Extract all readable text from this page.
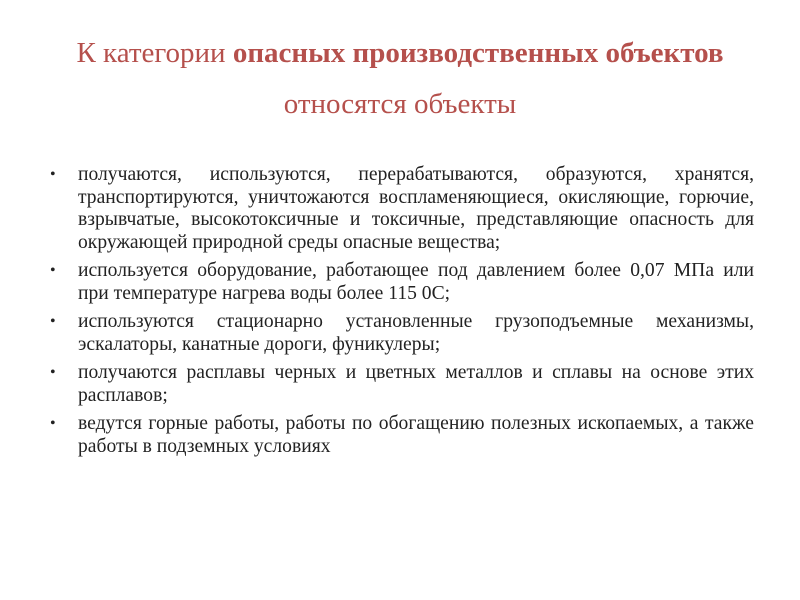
К категории опасных производственных объектов относятся объекты
• получаются, используются, перерабатываются, образуются, хранятся, транспортируются, уничтожаются воспламеняющиеся, окисляющие, горючие, взрывчатые, высокотоксичные и токсичные, представляющие опасность для окружающей природной среды опасные вещества;
• используется оборудование, работающее под давлением более 0,07 МПа или при температуре нагрева воды более 115 0С;
• используются стационарно установленные грузоподъемные механизмы, эскалаторы, канатные дороги, фуникулеры;
• получаются расплавы черных и цветных металлов и сплавы на основе этих расплавов;
• ведутся горные работы, работы по обогащению полезных ископаемых, а также работы в подземных условиях
